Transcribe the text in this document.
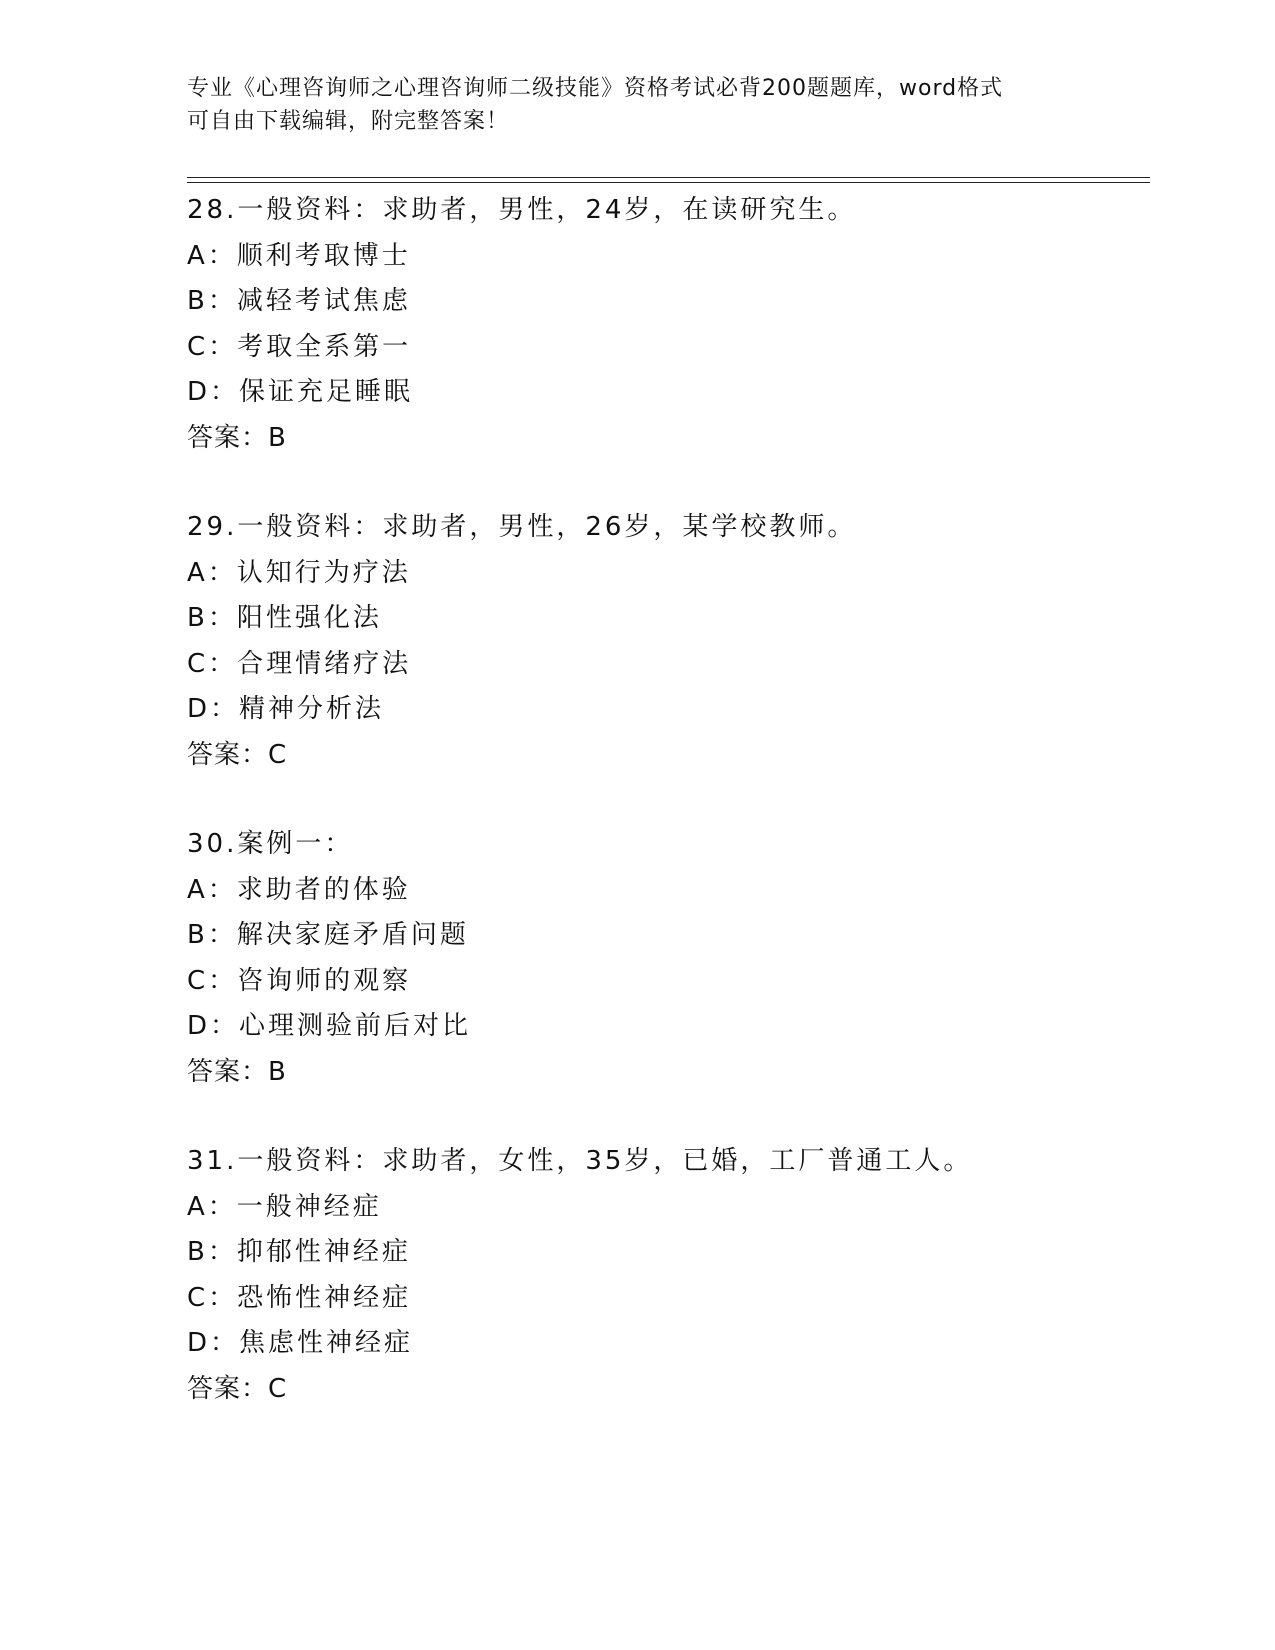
专业《心理咨询师之心理咨询师二级技能》资格考试必背200题题库，word格式
可自由下载编辑，附完整答案！
28.一般资料：求助者，男性，24岁，在读研究生。
A：顺利考取博士
B：减轻考试焦虑
C：考取全系第一
D：保证充足睡眠
答案：B
29.一般资料：求助者，男性，26岁，某学校教师。
A：认知行为疗法
B：阳性强化法
C：合理情绪疗法
D：精神分析法
答案：C
30.案例一：
A：求助者的体验
B：解决家庭矛盾问题
C：咨询师的观察
D：心理测验前后对比
答案：B
31.一般资料：求助者，女性，35岁，已婚，工厂普通工人。
A：一般神经症
B：抑郁性神经症
C：恐怖性神经症
D：焦虑性神经症
答案：C
